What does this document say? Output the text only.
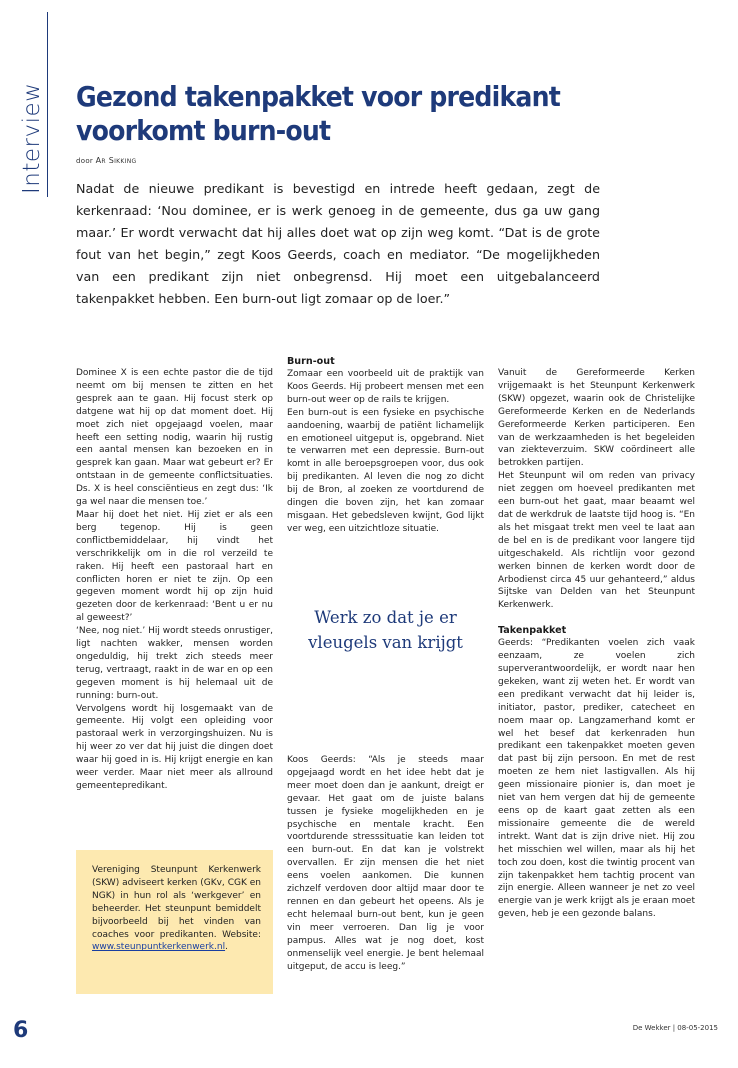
Interview Gezond takenpakket voor predikant voorkomt burn-out
door Ar Sikking

Nadat de nieuwe predikant is bevestigd en intrede heeft gedaan, zegt de kerkenraad: ‘Nou dominee, er is werk genoeg in de gemeente, dus ga uw gang maar.’ Er wordt verwacht dat hij alles doet wat op zijn weg komt. “Dat is de grote fout van het begin,” zegt Koos Geerds, coach en mediator. “De mogelijkheden van een predikant zijn niet onbegrensd. Hij moet een uitgebalanceerd takenpakket hebben. Een burn-out ligt zomaar op de loer.”

Dominee X is een echte pastor die de tijd neemt om bij mensen te zitten en het gesprek aan te gaan. Hij focust sterk op datgene wat hij op dat moment doet. Hij moet zich niet opgejaagd voelen, maar heeft een setting nodig, waarin hij rustig een aantal mensen kan bezoeken en in gesprek kan gaan. Maar wat gebeurt er? Er ontstaan in de gemeente conflictsituaties. Ds. X is heel consciëntieus en zegt dus: ‘Ik ga wel naar die mensen toe.’

Maar hij doet het niet. Hij ziet er als een berg tegenop. Hij is geen conflictbemiddelaar, hij vindt het verschrikkelijk om in die rol verzeild te raken. Hij heeft een pastoraal hart en conflicten horen er niet te zijn. Op een gegeven moment wordt hij op zijn huid gezeten door de kerkenraad: ‘Bent u er nu al geweest?’

‘Nee, nog niet.’ Hij wordt steeds onrustiger, ligt nachten wakker, mensen worden ongeduldig, hij trekt zich steeds meer terug, vertraagt, raakt in de war en op een gegeven moment is hij helemaal uit de running: burn-out.

Vervolgens wordt hij losgemaakt van de gemeente. Hij volgt een opleiding voor pastoraal werk in verzorgingshuizen. Nu is hij weer zo ver dat hij juist die dingen doet waar hij goed in is. Hij krijgt energie en kan weer verder. Maar niet meer als allround gemeentepredikant.

Vereniging Steunpunt Kerkenwerk (SKW) adviseert kerken (GKv, CGK en NGK) in hun rol als ‘werkgever’ en beheerder. Het steunpunt bemiddelt bijvoorbeeld bij het vinden van coaches voor predikanten. Website: www.steunpuntkerkenwerk.nl.

Burn-out

Zomaar een voorbeeld uit de praktijk van Koos Geerds. Hij probeert mensen met een burn-out weer op de rails te krijgen.

Een burn-out is een fysieke en psychische aandoening, waarbij de patiënt lichamelijk en emotioneel uitgeput is, opgebrand. Niet te verwarren met een depressie. Burn-out komt in alle beroepsgroepen voor, dus ook bij predikanten. Al leven die nog zo dicht bij de Bron, al zoeken ze voortdurend de dingen die boven zijn, het kan zomaar misgaan. Het gebedsleven kwijnt, God lijkt ver weg, een uitzichtloze situatie.

Werk zo dat je er vleugels van krijgt

Koos Geerds: “Als je steeds maar opgejaagd wordt en het idee hebt dat je meer moet doen dan je aankunt, dreigt er gevaar. Het gaat om de juiste balans tussen je fysieke mogelijkheden en je psychische en mentale kracht. Een voortdurende stresssituatie kan leiden tot een burn-out. En dat kan je volstrekt overvallen. Er zijn mensen die het niet eens voelen aankomen. Die kunnen zichzelf verdoven door altijd maar door te rennen en dan gebeurt het opeens. Als je echt helemaal burn-out bent, kun je geen vin meer verroeren. Dan lig je voor pampus. Alles wat je nog doet, kost onmenselijk veel energie. Je bent helemaal uitgeput, de accu is leeg.”

Vanuit de Gereformeerde Kerken vrijgemaakt is het Steunpunt Kerkenwerk (SKW) opgezet, waarin ook de Christelijke Gereformeerde Kerken en de Nederlands Gereformeerde Kerken participeren. Een van de werkzaamheden is het begeleiden van ziekteverzuim. SKW coördineert alle betrokken partijen.

Het Steunpunt wil om reden van privacy niet zeggen om hoeveel predikanten met een burn-out het gaat, maar beaamt wel dat de werkdruk de laatste tijd hoog is. “En als het misgaat trekt men veel te laat aan de bel en is de predikant voor langere tijd uitgeschakeld. Als richtlijn voor gezond werken binnen de kerken wordt door de Arbodienst circa 45 uur gehanteerd,” aldus Sijtske van Delden van het Steunpunt Kerkenwerk.

Takenpakket

Geerds: “Predikanten voelen zich vaak eenzaam, ze voelen zich superverantwoordelijk, er wordt naar hen gekeken, want zij weten het. Er wordt van een predikant verwacht dat hij leider is, initiator, pastor, prediker, catecheet en noem maar op. Langzamerhand komt er wel het besef dat kerkenraden hun predikant een takenpakket moeten geven dat past bij zijn persoon. En met de rest moeten ze hem niet lastigvallen. Als hij geen missionaire pionier is, dan moet je niet van hem vergen dat hij de gemeente eens op de kaart gaat zetten als een missionaire gemeente die de wereld intrekt. Want dat is zijn drive niet. Hij zou het misschien wel willen, maar als hij het toch zou doen, kost die twintig procent van zijn takenpakket hem tachtig procent van zijn energie. Alleen wanneer je net zo veel energie van je werk krijgt als je eraan moet geven, heb je een gezonde balans.

6	De Wekker | 08-05-2015
